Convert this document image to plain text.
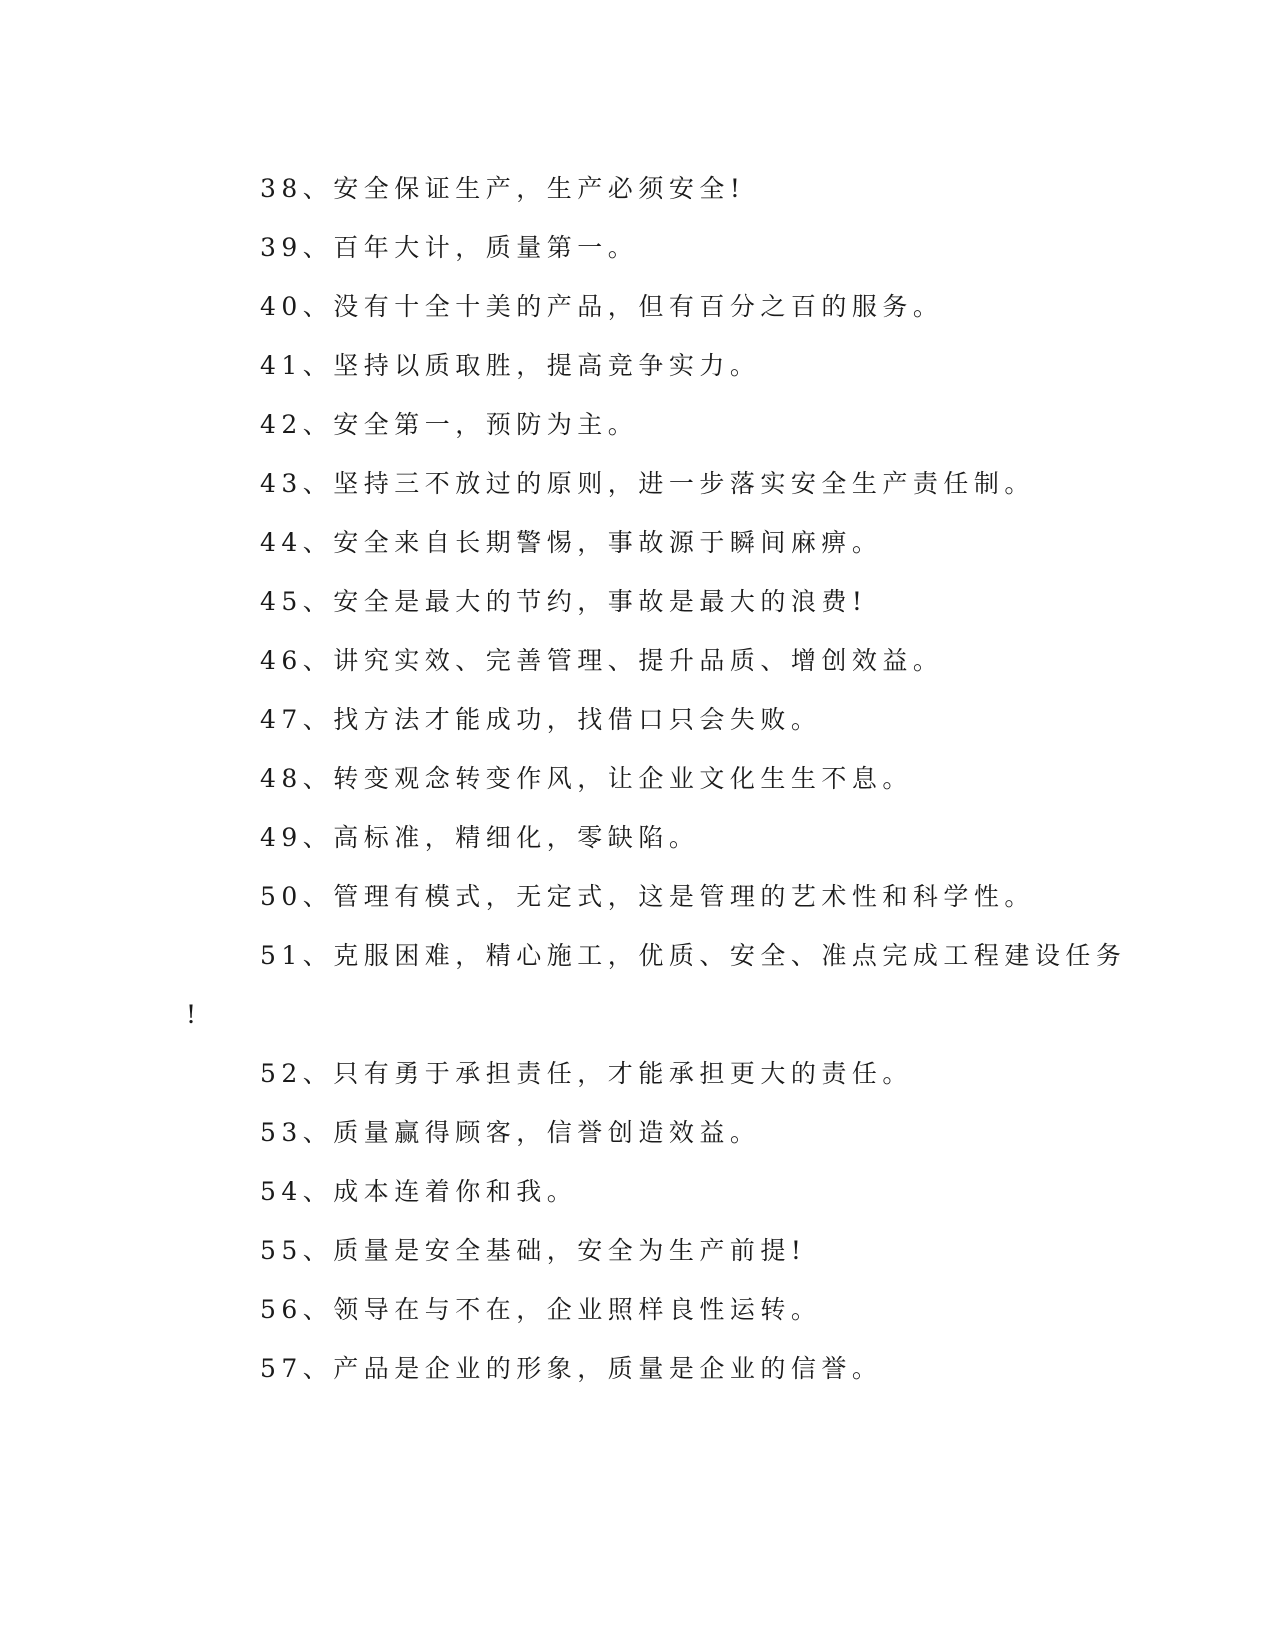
38、安全保证生产，生产必须安全!
39、百年大计，质量第一。
40、没有十全十美的产品，但有百分之百的服务。
41、坚持以质取胜，提高竞争实力。
42、安全第一，预防为主。
43、坚持三不放过的原则，进一步落实安全生产责任制。
44、安全来自长期警惕，事故源于瞬间麻痹。
45、安全是最大的节约，事故是最大的浪费!
46、讲究实效、完善管理、提升品质、增创效益。
47、找方法才能成功，找借口只会失败。
48、转变观念转变作风，让企业文化生生不息。
49、高标准，精细化，零缺陷。
50、管理有模式，无定式，这是管理的艺术性和科学性。
51、克服困难，精心施工，优质、安全、准点完成工程建设任务
!
52、只有勇于承担责任，才能承担更大的责任。
53、质量赢得顾客，信誉创造效益。
54、成本连着你和我。
55、质量是安全基础，安全为生产前提!
56、领导在与不在，企业照样良性运转。
57、产品是企业的形象，质量是企业的信誉。
